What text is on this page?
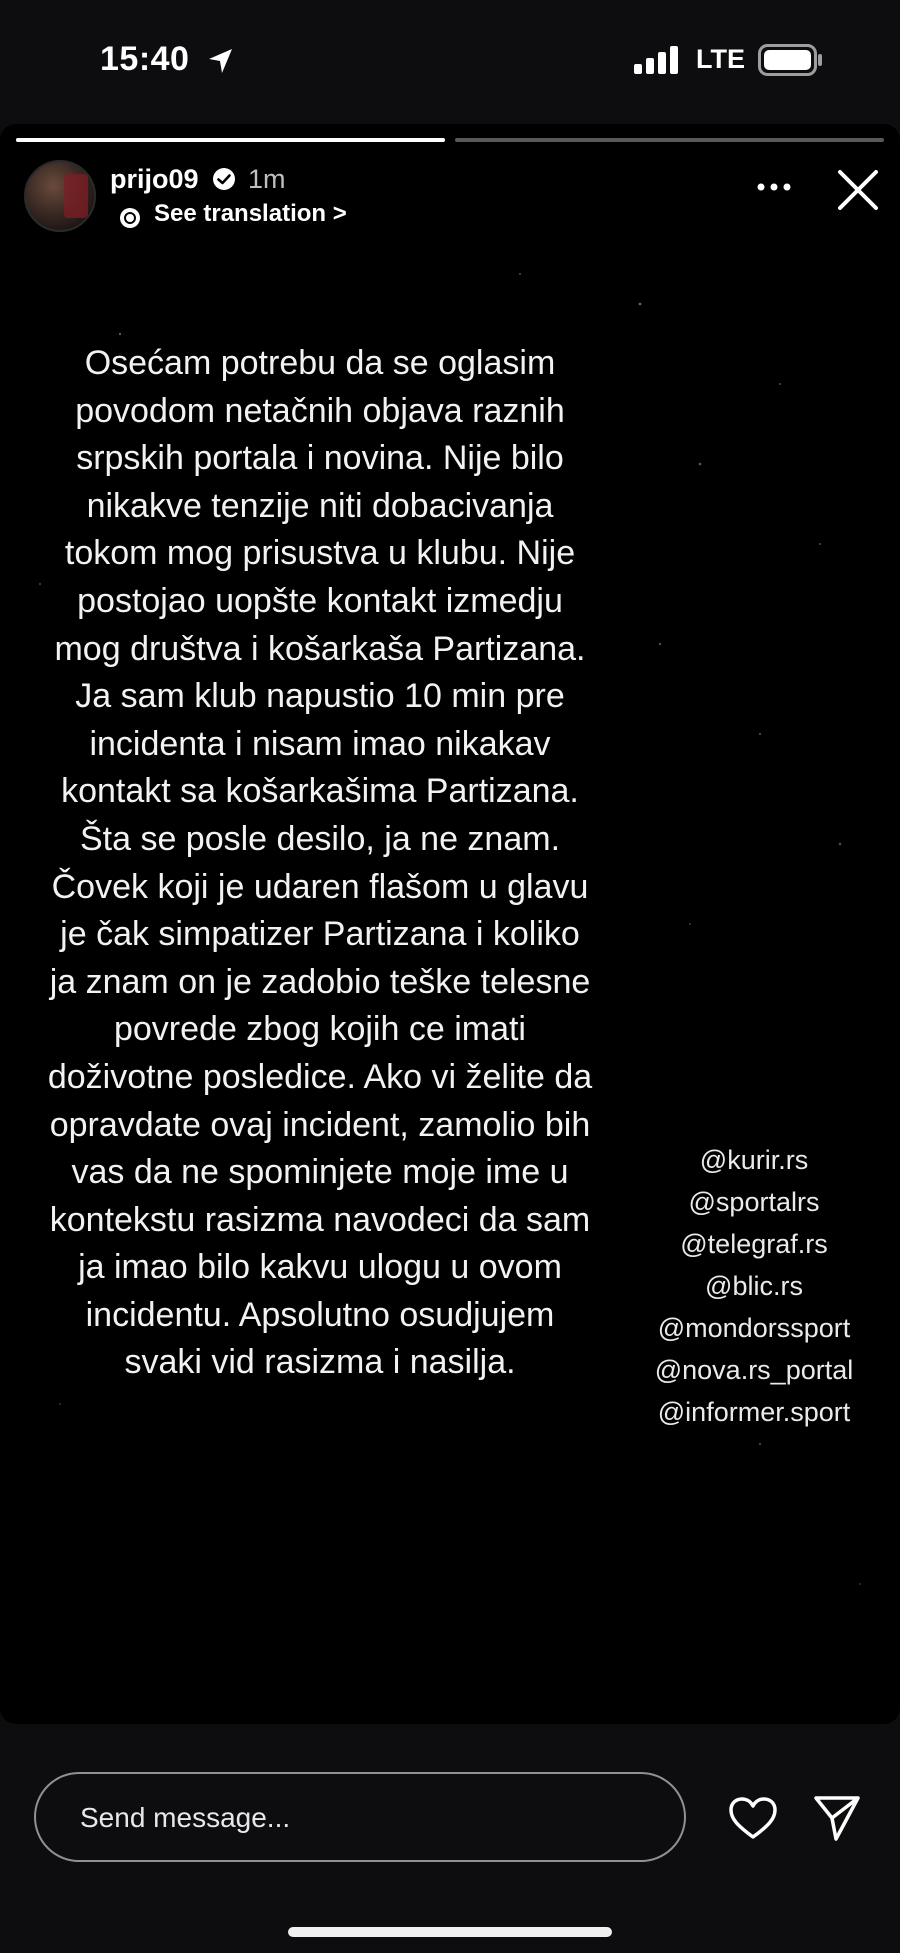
15:40	LTE
prijo09 1m
See translation >
Osećam potrebu da se oglasim
povodom netačnih objava raznih
srpskih portala i novina. Nije bilo
nikakve tenzije niti dobacivanja
tokom mog prisustva u klubu. Nije
postojao uopšte kontakt izmedju
mog društva i košarkaša Partizana.
Ja sam klub napustio 10 min pre
incidenta i nisam imao nikakav
kontakt sa košarkašima Partizana.
Šta se posle desilo, ja ne znam.
Čovek koji je udaren flašom u glavu
je čak simpatizer Partizana i koliko
ja znam on je zadobio teške telesne
povrede zbog kojih ce imati
doživotne posledice. Ako vi želite da
opravdate ovaj incident, zamolio bih
vas da ne spominjete moje ime u
kontekstu rasizma navodeci da sam
ja imao bilo kakvu ulogu u ovom
incidentu. Apsolutno osudjujem
svaki vid rasizma i nasilja.
@kurir.rs
@sportalrs
@telegraf.rs
@blic.rs
@mondorssport
@nova.rs_portal
@informer.sport
Send message...
